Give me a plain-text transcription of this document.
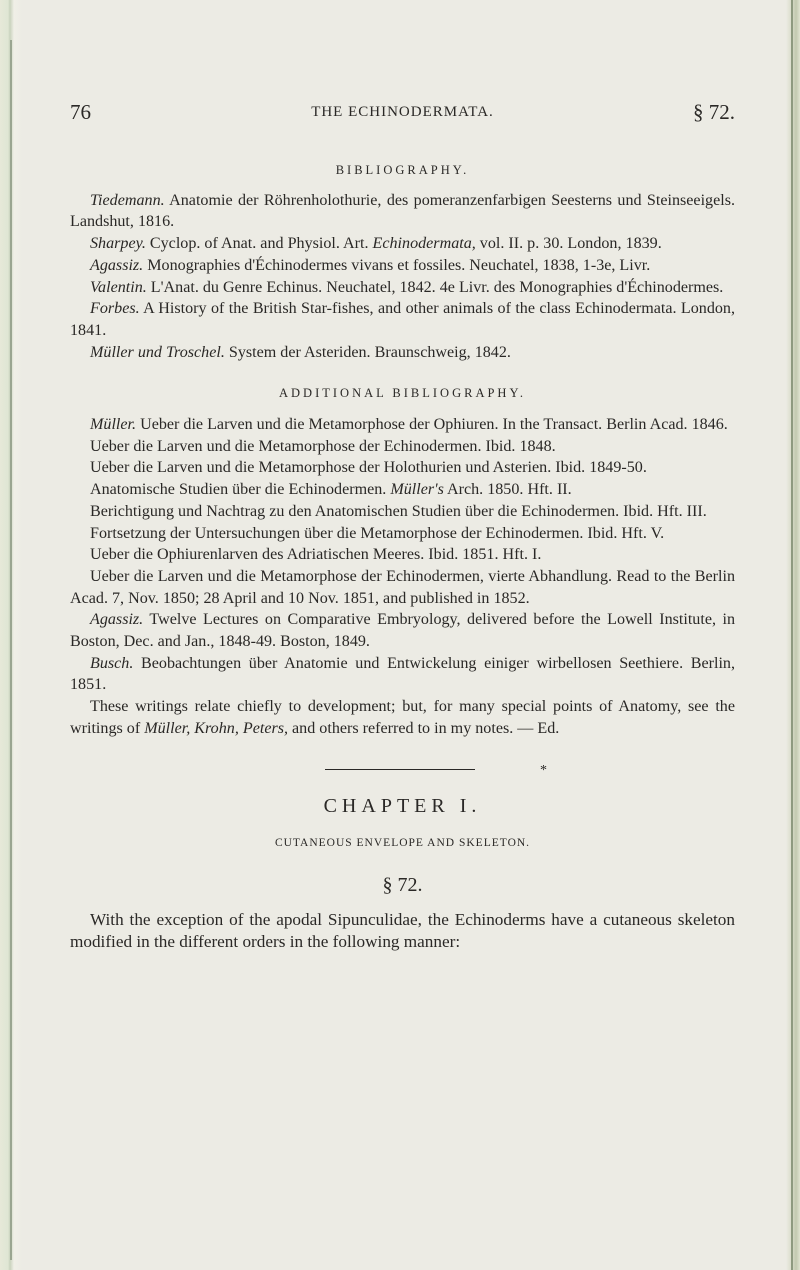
76	THE ECHINODERMATA.	§ 72.
BIBLIOGRAPHY.

Tiedemann. Anatomie der Röhrenholothurie, des pomeranzenfarbigen Seesterns und Steinseeigels. Landshut, 1816.

Sharpey. Cyclop. of Anat. and Physiol. Art. Echinodermata, vol. II. p. 30. London, 1839.

Agassiz. Monographies d'Échinodermes vivans et fossiles. Neuchatel, 1838, 1-3e, Livr.

Valentin. L'Anat. du Genre Echinus. Neuchatel, 1842. 4e Livr. des Monographies d'Échinodermes.

Forbes. A History of the British Star-fishes, and other animals of the class Echinodermata. London, 1841.

Müller und Troschel. System der Asteriden. Braunschweig, 1842.

ADDITIONAL BIBLIOGRAPHY.

Müller. Ueber die Larven und die Metamorphose der Ophiuren. In the Transact. Berlin Acad. 1846.

Ueber die Larven und die Metamorphose der Echinodermen. Ibid. 1848.

Ueber die Larven und die Metamorphose der Holothurien und Asterien. Ibid. 1849-50.

Anatomische Studien über die Echinodermen. Müller's Arch. 1850. Hft. II.

Berichtigung und Nachtrag zu den Anatomischen Studien über die Echinodermen. Ibid. Hft. III.

Fortsetzung der Untersuchungen über die Metamorphose der Echinodermen. Ibid. Hft. V.

Ueber die Ophiurenlarven des Adriatischen Meeres. Ibid. 1851. Hft. I.

Ueber die Larven und die Metamorphose der Echinodermen, vierte Abhandlung. Read to the Berlin Acad. 7, Nov. 1850; 28 April and 10 Nov. 1851, and published in 1852.

Agassiz. Twelve Lectures on Comparative Embryology, delivered before the Lowell Institute, in Boston, Dec. and Jan., 1848-49. Boston, 1849.

Busch. Beobachtungen über Anatomie und Entwickelung einiger wirbellosen Seethiere. Berlin, 1851.

These writings relate chiefly to development; but, for many special points of Anatomy, see the writings of Müller, Krohn, Peters, and others referred to in my notes. — Ed.

*
CHAPTER I.
CUTANEOUS ENVELOPE AND SKELETON.
§ 72.

With the exception of the apodal Sipunculidae, the Echinoderms have a cutaneous skeleton modified in the different orders in the following manner:
